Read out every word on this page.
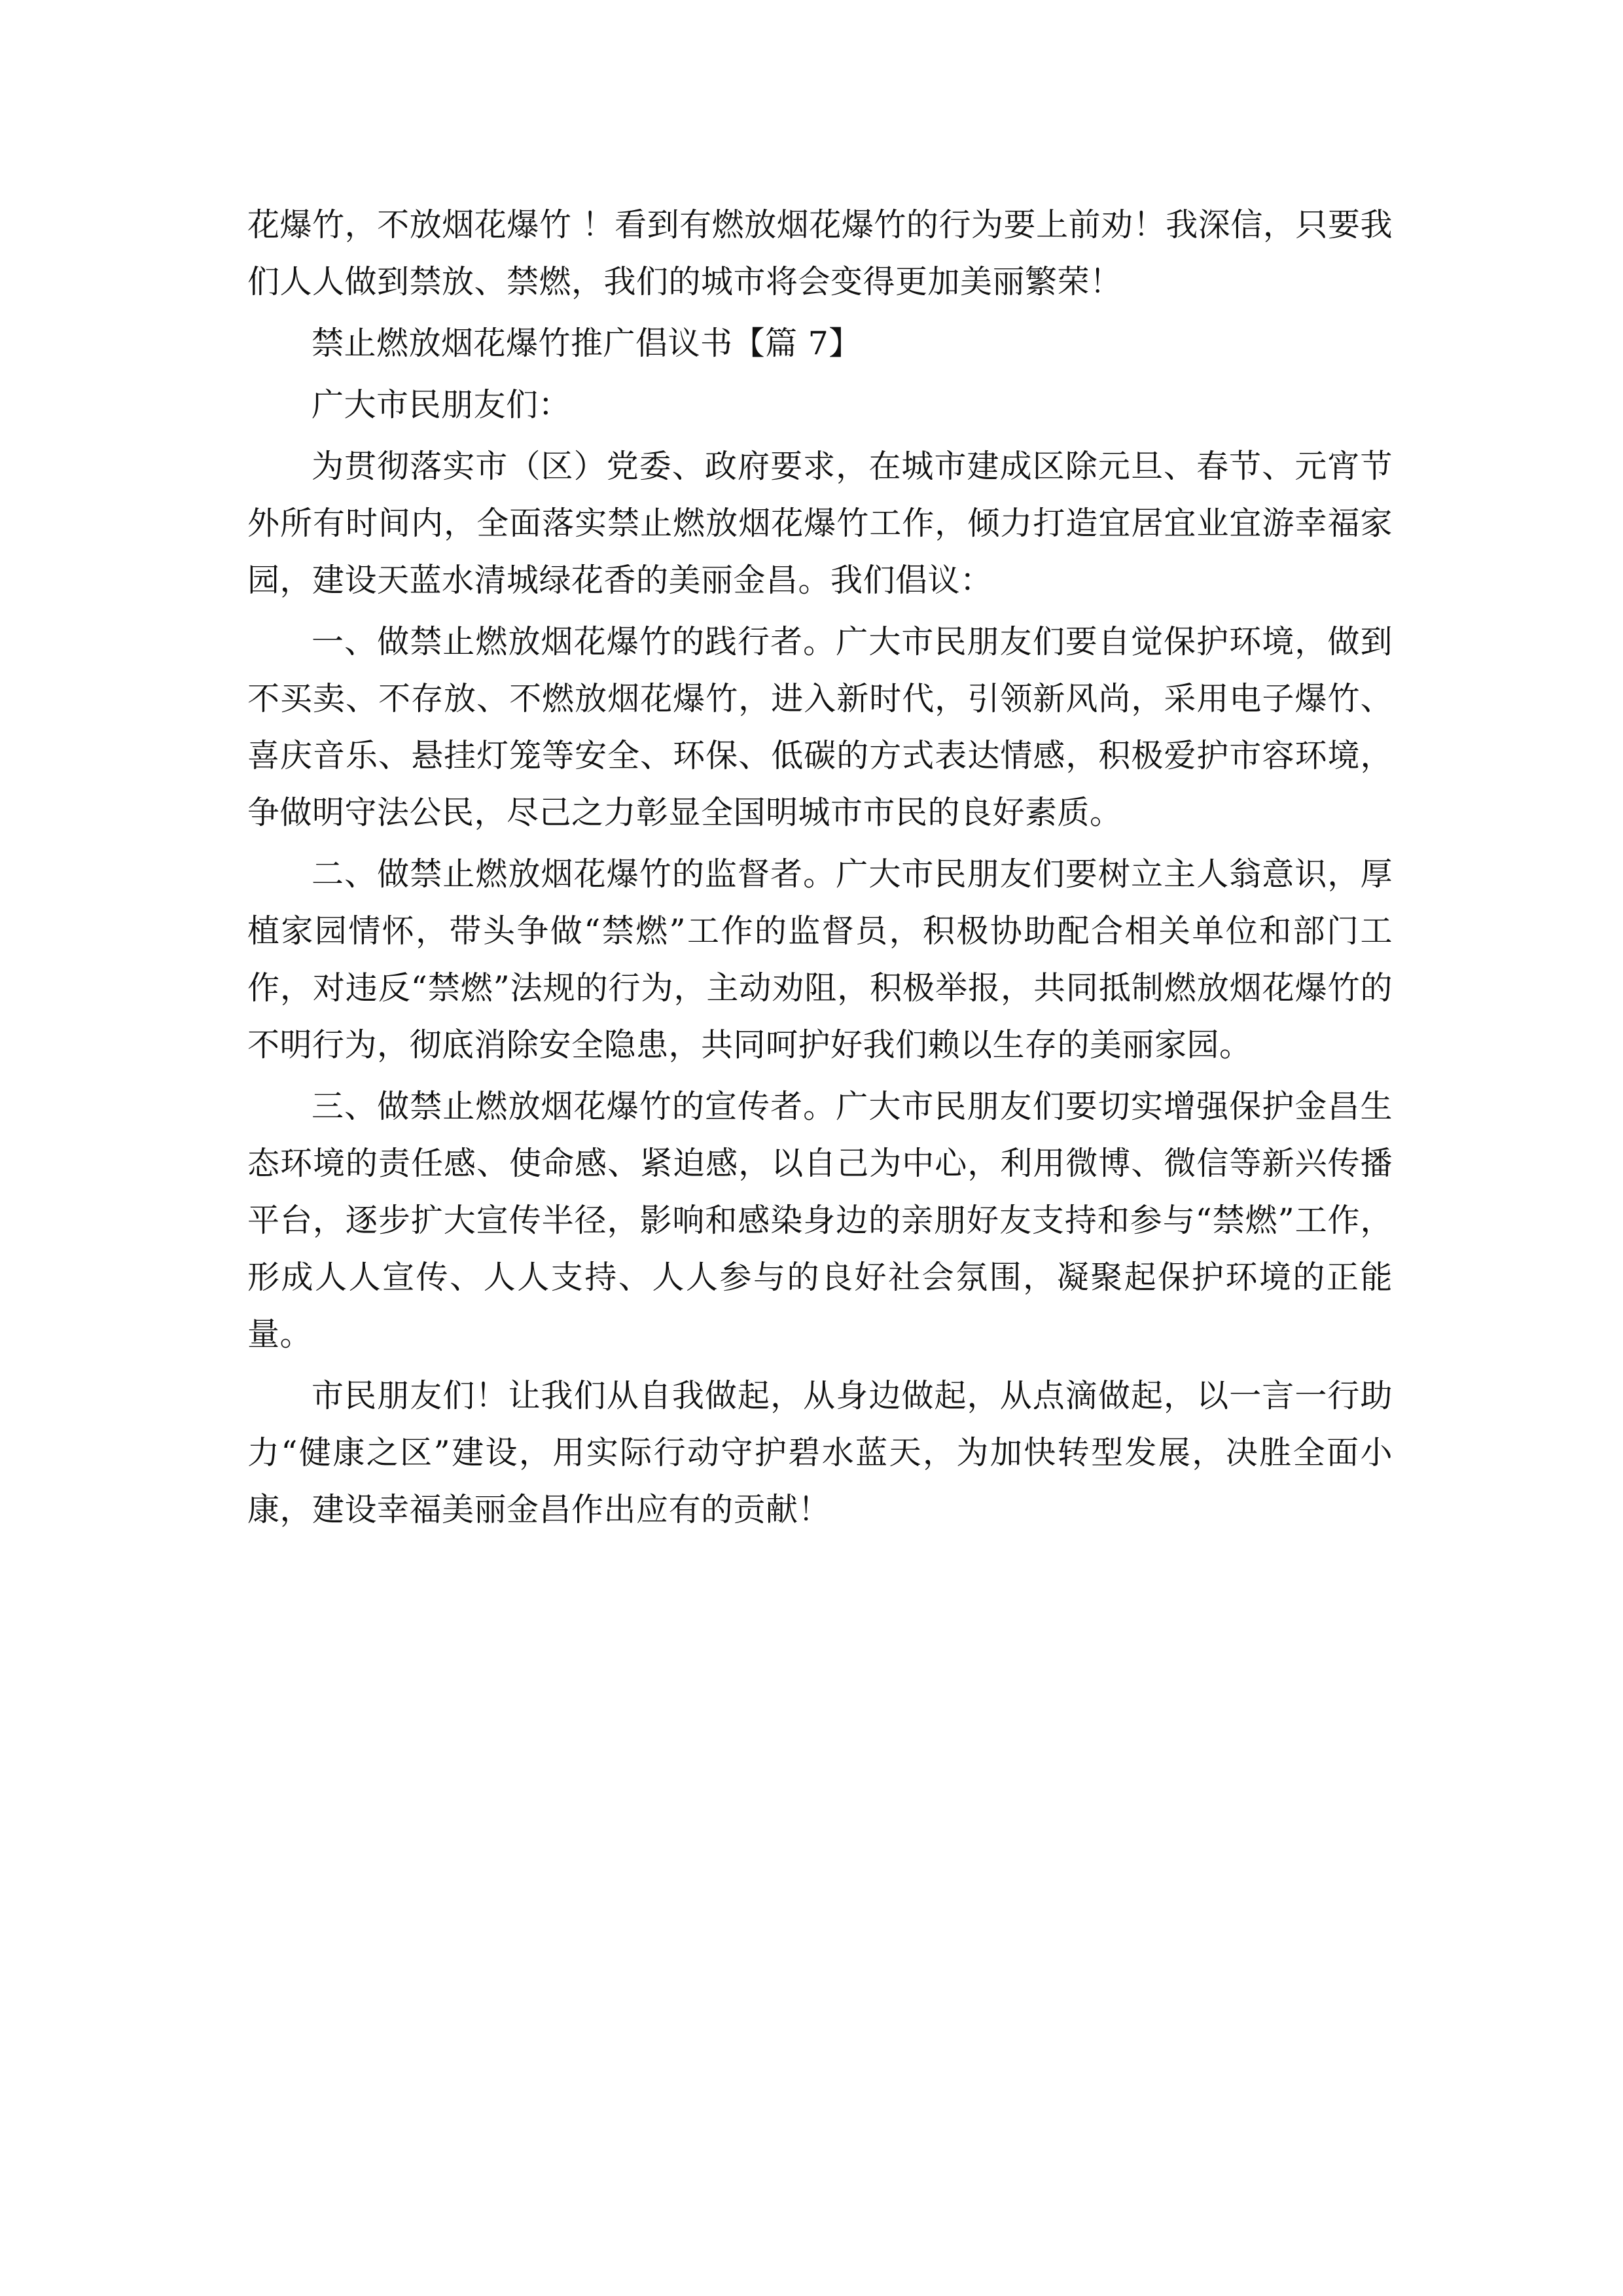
花爆竹，不放烟花爆竹 ！看到有燃放烟花爆竹的行为要上前劝！我深信，只要我们人人做到禁放、禁燃，我们的城市将会变得更加美丽繁荣！

禁止燃放烟花爆竹推广倡议书【篇 7】

广大市民朋友们：

为贯彻落实市（区）党委、政府要求，在城市建成区除元旦、春节、元宵节外所有时间内，全面落实禁止燃放烟花爆竹工作，倾力打造宜居宜业宜游幸福家园，建设天蓝水清城绿花香的美丽金昌。我们倡议：

一、做禁止燃放烟花爆竹的践行者。广大市民朋友们要自觉保护环境，做到不买卖、不存放、不燃放烟花爆竹，进入新时代，引领新风尚，采用电子爆竹、喜庆音乐、悬挂灯笼等安全、环保、低碳的方式表达情感，积极爱护市容环境，争做明守法公民，尽己之力彰显全国明城市市民的良好素质。

二、做禁止燃放烟花爆竹的监督者。广大市民朋友们要树立主人翁意识，厚植家园情怀，带头争做“禁燃”工作的监督员，积极协助配合相关单位和部门工作，对违反“禁燃”法规的行为，主动劝阻，积极举报，共同抵制燃放烟花爆竹的不明行为，彻底消除安全隐患，共同呵护好我们赖以生存的美丽家园。

三、做禁止燃放烟花爆竹的宣传者。广大市民朋友们要切实增强保护金昌生态环境的责任感、使命感、紧迫感，以自己为中心，利用微博、微信等新兴传播平台，逐步扩大宣传半径，影响和感染身边的亲朋好友支持和参与“禁燃”工作，形成人人宣传、人人支持、人人参与的良好社会氛围，凝聚起保护环境的正能量。

市民朋友们！让我们从自我做起，从身边做起，从点滴做起，以一言一行助力“健康之区”建设，用实际行动守护碧水蓝天，为加快转型发展，决胜全面小康，建设幸福美丽金昌作出应有的贡献！
